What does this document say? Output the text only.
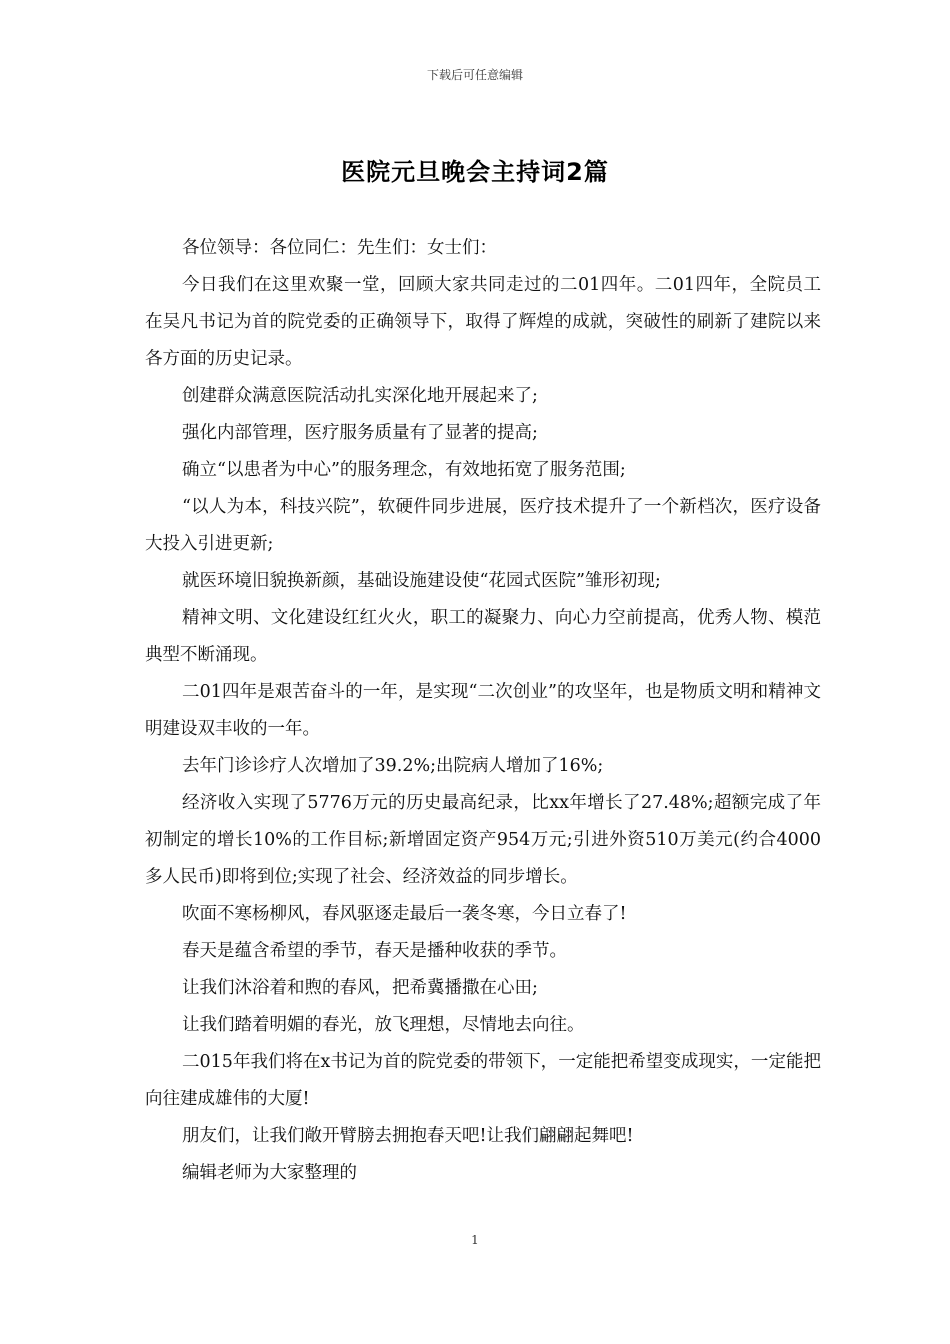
下载后可任意编辑
医院元旦晚会主持词2篇

各位领导：各位同仁：先生们：女士们：

今日我们在这里欢聚一堂，回顾大家共同走过的二01四年。二01四年，全院员工在吴凡书记为首的院党委的正确领导下，取得了辉煌的成就，突破性的刷新了建院以来各方面的历史记录。

创建群众满意医院活动扎实深化地开展起来了;

强化内部管理，医疗服务质量有了显著的提高;

确立“以患者为中心”的服务理念，有效地拓宽了服务范围;

“以人为本，科技兴院”，软硬件同步进展，医疗技术提升了一个新档次，医疗设备大投入引进更新;

就医环境旧貌换新颜，基础设施建设使“花园式医院”雏形初现;

精神文明、文化建设红红火火，职工的凝聚力、向心力空前提高，优秀人物、模范典型不断涌现。

二01四年是艰苦奋斗的一年，是实现“二次创业”的攻坚年，也是物质文明和精神文明建设双丰收的一年。

去年门诊诊疗人次增加了39.2%;出院病人增加了16%;

经济收入实现了5776万元的历史最高纪录，比xx年增长了27.48%;超额完成了年初制定的增长10%的工作目标;新增固定资产954万元;引进外资510万美元(约合4000多人民币)即将到位;实现了社会、经济效益的同步增长。

吹面不寒杨柳风，春风驱逐走最后一袭冬寒，今日立春了!

春天是蕴含希望的季节，春天是播种收获的季节。

让我们沐浴着和煦的春风，把希冀播撒在心田;

让我们踏着明媚的春光，放飞理想，尽情地去向往。

二015年我们将在x书记为首的院党委的带领下，一定能把希望变成现实，一定能把向往建成雄伟的大厦!

朋友们，让我们敞开臂膀去拥抱春天吧!让我们翩翩起舞吧!

编辑老师为大家整理的

1
